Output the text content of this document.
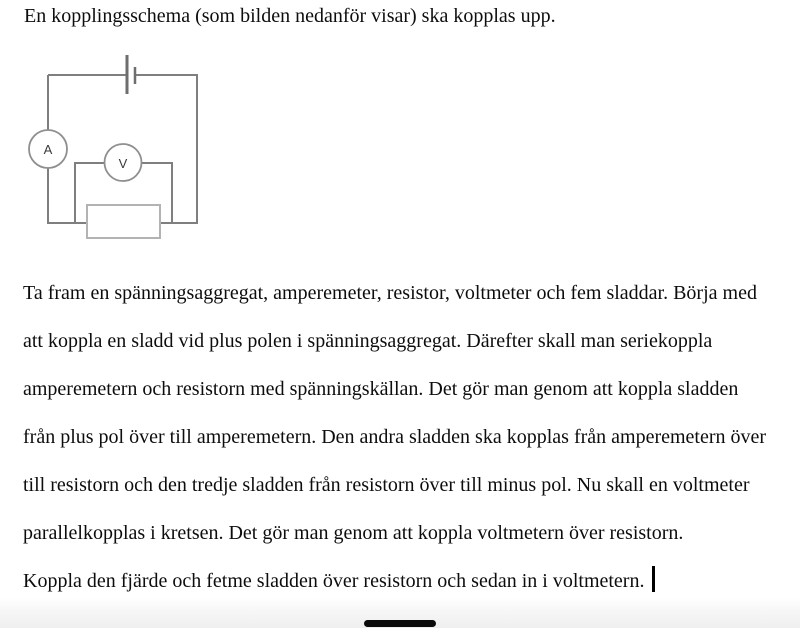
En kopplingsschema (som bilden nedanför visar) ska kopplas upp.
A
V
Ta fram en spänningsaggregat, amperemeter, resistor, voltmeter och fem sladdar. Börja med
att koppla en sladd vid plus polen i spänningsaggregat. Därefter skall man seriekoppla
amperemetern och resistorn med spänningskällan. Det gör man genom att koppla sladden
från plus pol över till amperemetern. Den andra sladden ska kopplas från amperemetern över
till resistorn och den tredje sladden från resistorn över till minus pol. Nu skall en voltmeter
parallelkopplas i kretsen. Det gör man genom att koppla voltmetern över resistorn.
Koppla den fjärde och fetme sladden över resistorn och sedan in i voltmetern.
